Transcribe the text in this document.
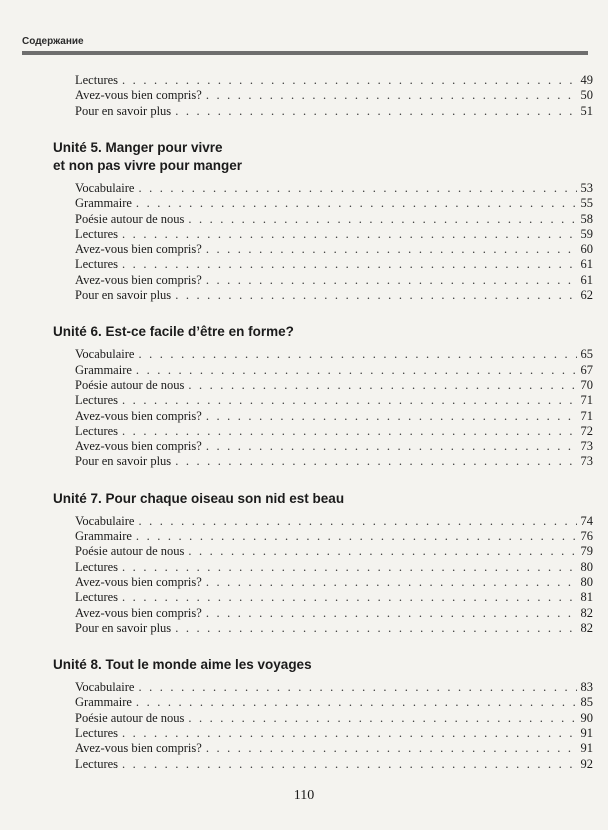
Содержание
Lectures . . .	49
Avez-vous bien compris? . . .	50
Pour en savoir plus . . .	51
Unité 5. Manger pour vivre
et non pas vivre pour manger
Vocabulaire . . .	53
Grammaire . . .	55
Poésie autour de nous . . .	58
Lectures . . .	59
Avez-vous bien compris? . . .	60
Lectures . . .	61
Avez-vous bien compris? . . .	61
Pour en savoir plus . . .	62
Unité 6. Est-ce facile d’être en forme?
Vocabulaire . . .	65
Grammaire . . .	67
Poésie autour de nous . . .	70
Lectures . . .	71
Avez-vous bien compris? . . .	71
Lectures . . .	72
Avez-vous bien compris? . . .	73
Pour en savoir plus . . .	73
Unité 7. Pour chaque oiseau son nid est beau
Vocabulaire . . .	74
Grammaire . . .	76
Poésie autour de nous . . .	79
Lectures . . .	80
Avez-vous bien compris? . . .	80
Lectures . . .	81
Avez-vous bien compris? . . .	82
Pour en savoir plus . . .	82
Unité 8. Tout le monde aime les voyages
Vocabulaire . . .	83
Grammaire . . .	85
Poésie autour de nous . . .	90
Lectures . . .	91
Avez-vous bien compris? . . .	91
Lectures . . .	92
110
